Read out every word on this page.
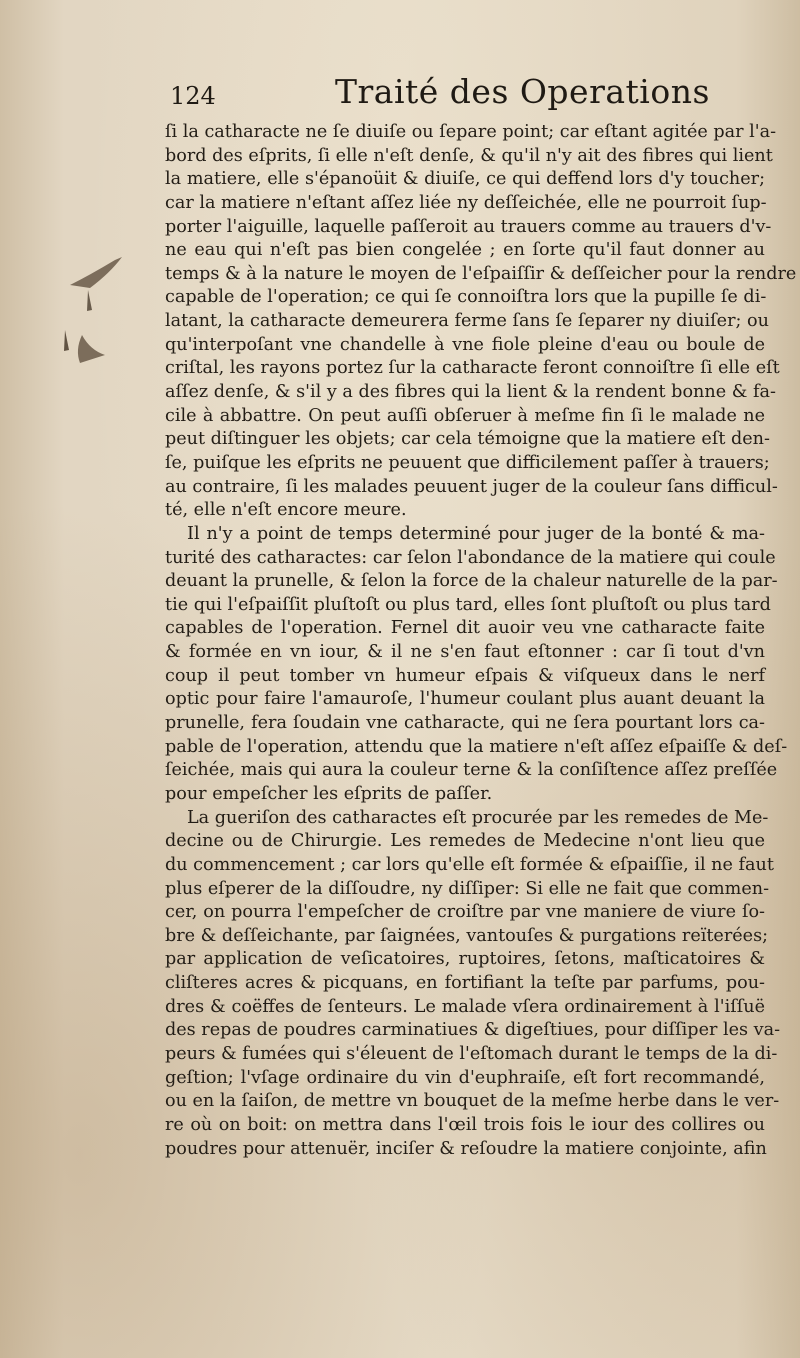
124	Traité des Operations
ſi la catharacte ne ſe diuiſe ou ſepare point; car eſtant agitée par l'a-
bord des eſprits, ſi elle n'eſt denſe, & qu'il n'y ait des fibres qui lient
la matiere, elle s'épanoüit & diuiſe, ce qui deffend lors d'y toucher;
car la matiere n'eſtant aſſez liée ny deſſeichée, elle ne pourroit ſup-
porter l'aiguille, laquelle paſſeroit au trauers comme au trauers d'v-
ne eau qui n'eſt pas bien congelée ; en ſorte qu'il faut donner au
temps & à la nature le moyen de l'eſpaiſſir & deſſeicher pour la rendre
capable de l'operation; ce qui ſe connoiſtra lors que la pupille ſe di-
latant, la catharacte demeurera ferme ſans ſe ſeparer ny diuiſer; ou
qu'interpoſant vne chandelle à vne fiole pleine d'eau ou boule de
criſtal, les rayons portez ſur la catharacte feront connoiſtre ſi elle eſt
aſſez denſe, & s'il y a des fibres qui la lient & la rendent bonne & fa-
cile à abbattre. On peut auſſi obſeruer à meſme fin ſi le malade ne
peut diſtinguer les objets; car cela témoigne que la matiere eſt den-
ſe, puiſque les eſprits ne peuuent que difficilement paſſer à trauers;
au contraire, ſi les malades peuuent juger de la couleur ſans difficul-
té, elle n'eſt encore meure.
Il n'y a point de temps determiné pour juger de la bonté & ma-
turité des catharactes: car ſelon l'abondance de la matiere qui coule
deuant la prunelle, & ſelon la force de la chaleur naturelle de la par-
tie qui l'eſpaiſſit pluſtoſt ou plus tard, elles ſont pluſtoſt ou plus tard
capables de l'operation. Fernel dit auoir veu vne catharacte faite
& formée en vn iour, & il ne s'en faut eſtonner : car ſi tout d'vn
coup il peut tomber vn humeur eſpais & viſqueux dans le nerf
optic pour faire l'amauroſe, l'humeur coulant plus auant deuant la
prunelle, fera ſoudain vne catharacte, qui ne ſera pourtant lors ca-
pable de l'operation, attendu que la matiere n'eſt aſſez eſpaiſſe & deſ-
ſeichée, mais qui aura la couleur terne & la conſiſtence aſſez preſſée
pour empeſcher les eſprits de paſſer.
La gueriſon des catharactes eſt procurée par les remedes de Me-
decine ou de Chirurgie. Les remedes de Medecine n'ont lieu que
du commencement ; car lors qu'elle eſt formée & eſpaiſſie, il ne faut
plus eſperer de la diſſoudre, ny diſſiper: Si elle ne fait que commen-
cer, on pourra l'empeſcher de croiſtre par vne maniere de viure ſo-
bre & deſſeichante, par ſaignées, vantouſes & purgations reïterées;
par application de veſicatoires, ruptoires, ſetons, maſticatoires &
cliſteres acres & picquans, en fortifiant la teſte par parfums, pou-
dres & coëffes de ſenteurs. Le malade vſera ordinairement à l'iſſuë
des repas de poudres carminatiues & digeſtiues, pour diſſiper les va-
peurs & fumées qui s'éleuent de l'eſtomach durant le temps de la di-
geſtion; l'vſage ordinaire du vin d'euphraiſe, eſt fort recommandé,
ou en la ſaiſon, de mettre vn bouquet de la meſme herbe dans le ver-
re où on boit: on mettra dans l'œil trois fois le iour des collires ou
poudres pour attenuër, inciſer & reſoudre la matiere conjointe, afin
